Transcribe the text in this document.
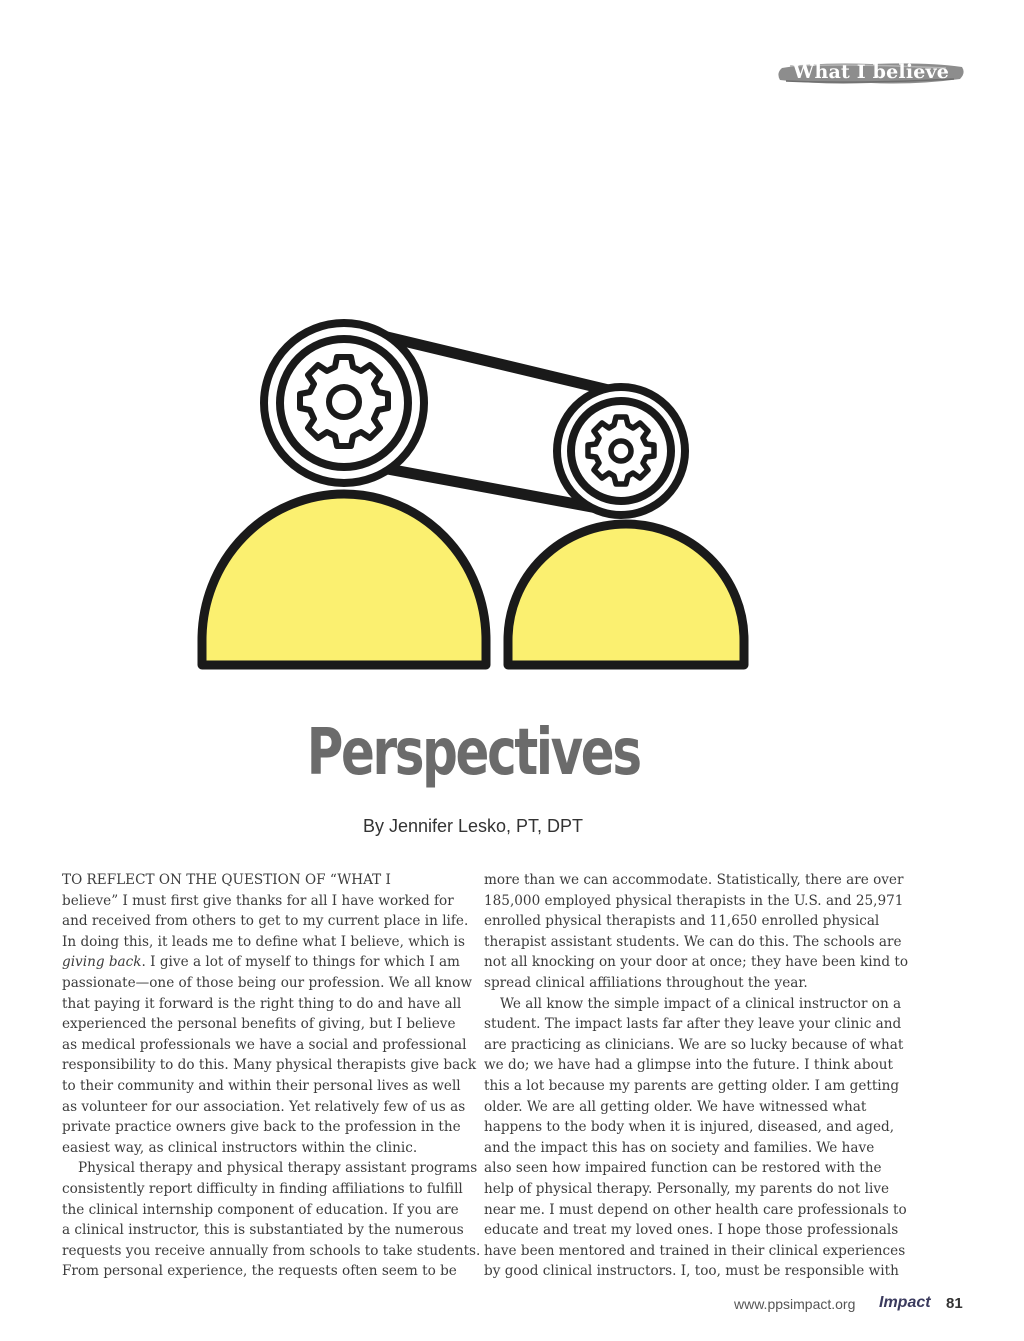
What I believe
Perspectives
By Jennifer Lesko, PT, DPT
TO REFLECT ON THE QUESTION OF “WHAT I
believe” I must first give thanks for all I have worked for
and received from others to get to my current place in life.
In doing this, it leads me to define what I believe, which is
giving back. I give a lot of myself to things for which I am
passionate—one of those being our profession. We all know
that paying it forward is the right thing to do and have all
experienced the personal benefits of giving, but I believe
as medical professionals we have a social and professional
responsibility to do this. Many physical therapists give back
to their community and within their personal lives as well
as volunteer for our association. Yet relatively few of us as
private practice owners give back to the profession in the
easiest way, as clinical instructors within the clinic.
Physical therapy and physical therapy assistant programs
consistently report difficulty in finding affiliations to fulfill
the clinical internship component of education. If you are
a clinical instructor, this is substantiated by the numerous
requests you receive annually from schools to take students.
From personal experience, the requests often seem to be
more than we can accommodate. Statistically, there are over
185,000 employed physical therapists in the U.S. and 25,971
enrolled physical therapists and 11,650 enrolled physical
therapist assistant students. We can do this. The schools are
not all knocking on your door at once; they have been kind to
spread clinical affiliations throughout the year.
We all know the simple impact of a clinical instructor on a
student. The impact lasts far after they leave your clinic and
are practicing as clinicians. We are so lucky because of what
we do; we have had a glimpse into the future. I think about
this a lot because my parents are getting older. I am getting
older. We are all getting older. We have witnessed what
happens to the body when it is injured, diseased, and aged,
and the impact this has on society and families. We have
also seen how impaired function can be restored with the
help of physical therapy. Personally, my parents do not live
near me. I must depend on other health care professionals to
educate and treat my loved ones. I hope those professionals
have been mentored and trained in their clinical experiences
by good clinical instructors. I, too, must be responsible with
www.ppsimpact.org Impact 81
